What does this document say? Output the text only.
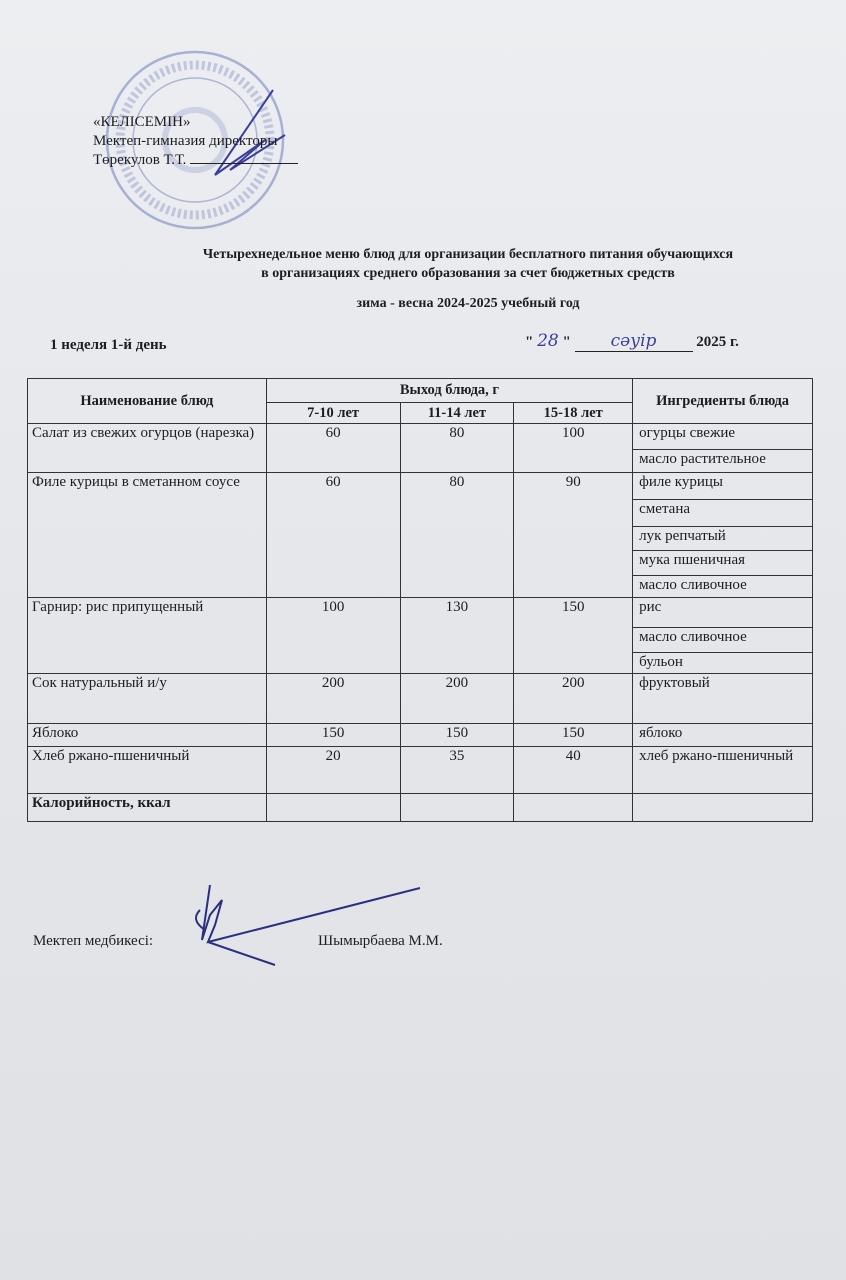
«КЕЛІСЕМІН»
Мектеп-гимназия директоры
Төрекулов Т.Т.
Четырехнедельное меню блюд для организации бесплатного питания обучающихся
в организациях среднего образования за счет бюджетных средств
зима - весна 2024-2025 учебный год
1 неделя 1-й день	" 28 " сәуір	2025 г.
Наименование блюд	Выход блюда, г			Ингредиенты блюда
	7-10 лет	11-14 лет	15-18 лет	
Салат из свежих огурцов (нарезка)	60	80	100	огурцы свежие
				масло растительное
Филе курицы в сметанном соусе	60	80	90	филе курицы
				сметана
				лук репчатый
				мука пшеничная
				масло сливочное
Гарнир: рис припущенный	100	130	150	рис
				масло сливочное
				бульон
Сок натуральный и/у	200	200	200	фруктовый
Яблоко	150	150	150	яблоко
Хлеб ржано-пшеничный	20	35	40	хлеб ржано-пшеничный
Калорийность, ккал				
Мектеп медбикесі:	Шымырбаева М.М.
